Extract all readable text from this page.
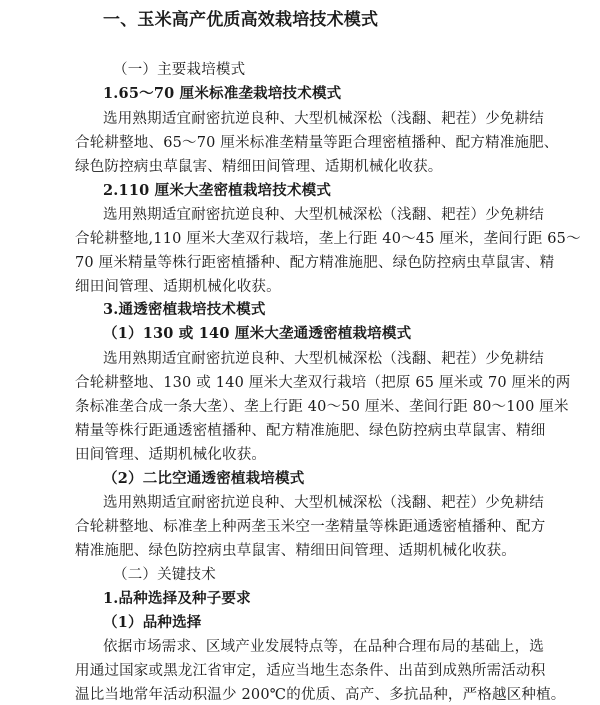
一、玉米高产优质高效栽培技术模式
（一）主要栽培模式
1.65～70 厘米标准垄栽培技术模式
选用熟期适宜耐密抗逆良种、大型机械深松（浅翻、耙茬）少免耕结
合轮耕整地、65～70 厘米标准垄精量等距合理密植播种、配方精准施肥、
绿色防控病虫草鼠害、精细田间管理、适期机械化收获。
2.110 厘米大垄密植栽培技术模式
选用熟期适宜耐密抗逆良种、大型机械深松（浅翻、耙茬）少免耕结
合轮耕整地,110 厘米大垄双行栽培，垄上行距 40～45 厘米，垄间行距 65～
70 厘米精量等株行距密植播种、配方精准施肥、绿色防控病虫草鼠害、精
细田间管理、适期机械化收获。
3.通透密植栽培技术模式
（1）130 或 140 厘米大垄通透密植栽培模式
选用熟期适宜耐密抗逆良种、大型机械深松（浅翻、耙茬）少免耕结
合轮耕整地、130 或 140 厘米大垄双行栽培（把原 65 厘米或 70 厘米的两
条标准垄合成一条大垄）、垄上行距 40～50 厘米、垄间行距 80～100 厘米
精量等株行距通透密植播种、配方精准施肥、绿色防控病虫草鼠害、精细
田间管理、适期机械化收获。
（2）二比空通透密植栽培模式
选用熟期适宜耐密抗逆良种、大型机械深松（浅翻、耙茬）少免耕结
合轮耕整地、标准垄上种两垄玉米空一垄精量等株距通透密植播种、配方
精准施肥、绿色防控病虫草鼠害、精细田间管理、适期机械化收获。
（二）关键技术
1.品种选择及种子要求
（1）品种选择
依据市场需求、区域产业发展特点等，在品种合理布局的基础上，选
用通过国家或黑龙江省审定，适应当地生态条件、出苗到成熟所需活动积
温比当地常年活动积温少 200℃的优质、高产、多抗品种，严格越区种植。
